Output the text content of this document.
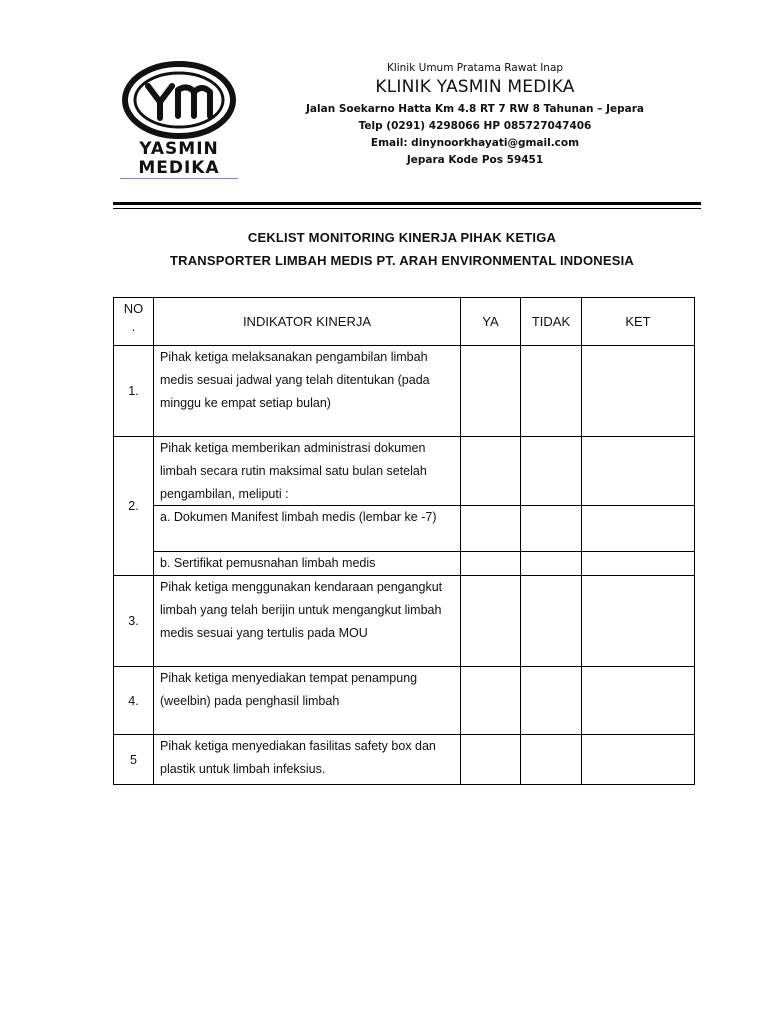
YASMIN
MEDIKA
Klinik Umum Pratama Rawat Inap
KLINIK YASMIN MEDIKA
Jalan Soekarno Hatta Km 4.8 RT 7 RW 8 Tahunan – Jepara
Telp (0291) 4298066 HP 085727047406
Email: dinynoorkhayati@gmail.com
Jepara Kode Pos 59451
CEKLIST MONITORING KINERJA PIHAK KETIGA
TRANSPORTER LIMBAH MEDIS PT. ARAH ENVIRONMENTAL INDONESIA
NO
.	INDIKATOR KINERJA	YA	TIDAK	KET
1.	Pihak ketiga melaksanakan pengambilan limbah medis sesuai jadwal yang telah ditentukan (pada minggu ke empat setiap bulan)			
2.	Pihak ketiga memberikan administrasi dokumen limbah secara rutin maksimal satu bulan setelah pengambilan, meliputi :			
	a. Dokumen Manifest limbah medis (lembar ke -7)			
	b. Sertifikat pemusnahan limbah medis			
3.	Pihak ketiga menggunakan kendaraan pengangkut limbah yang telah berijin untuk mengangkut limbah medis sesuai yang tertulis pada MOU			
4.	Pihak ketiga menyediakan tempat penampung (weelbin) pada penghasil limbah			
5	Pihak ketiga menyediakan fasilitas safety box dan plastik untuk limbah infeksius.			
